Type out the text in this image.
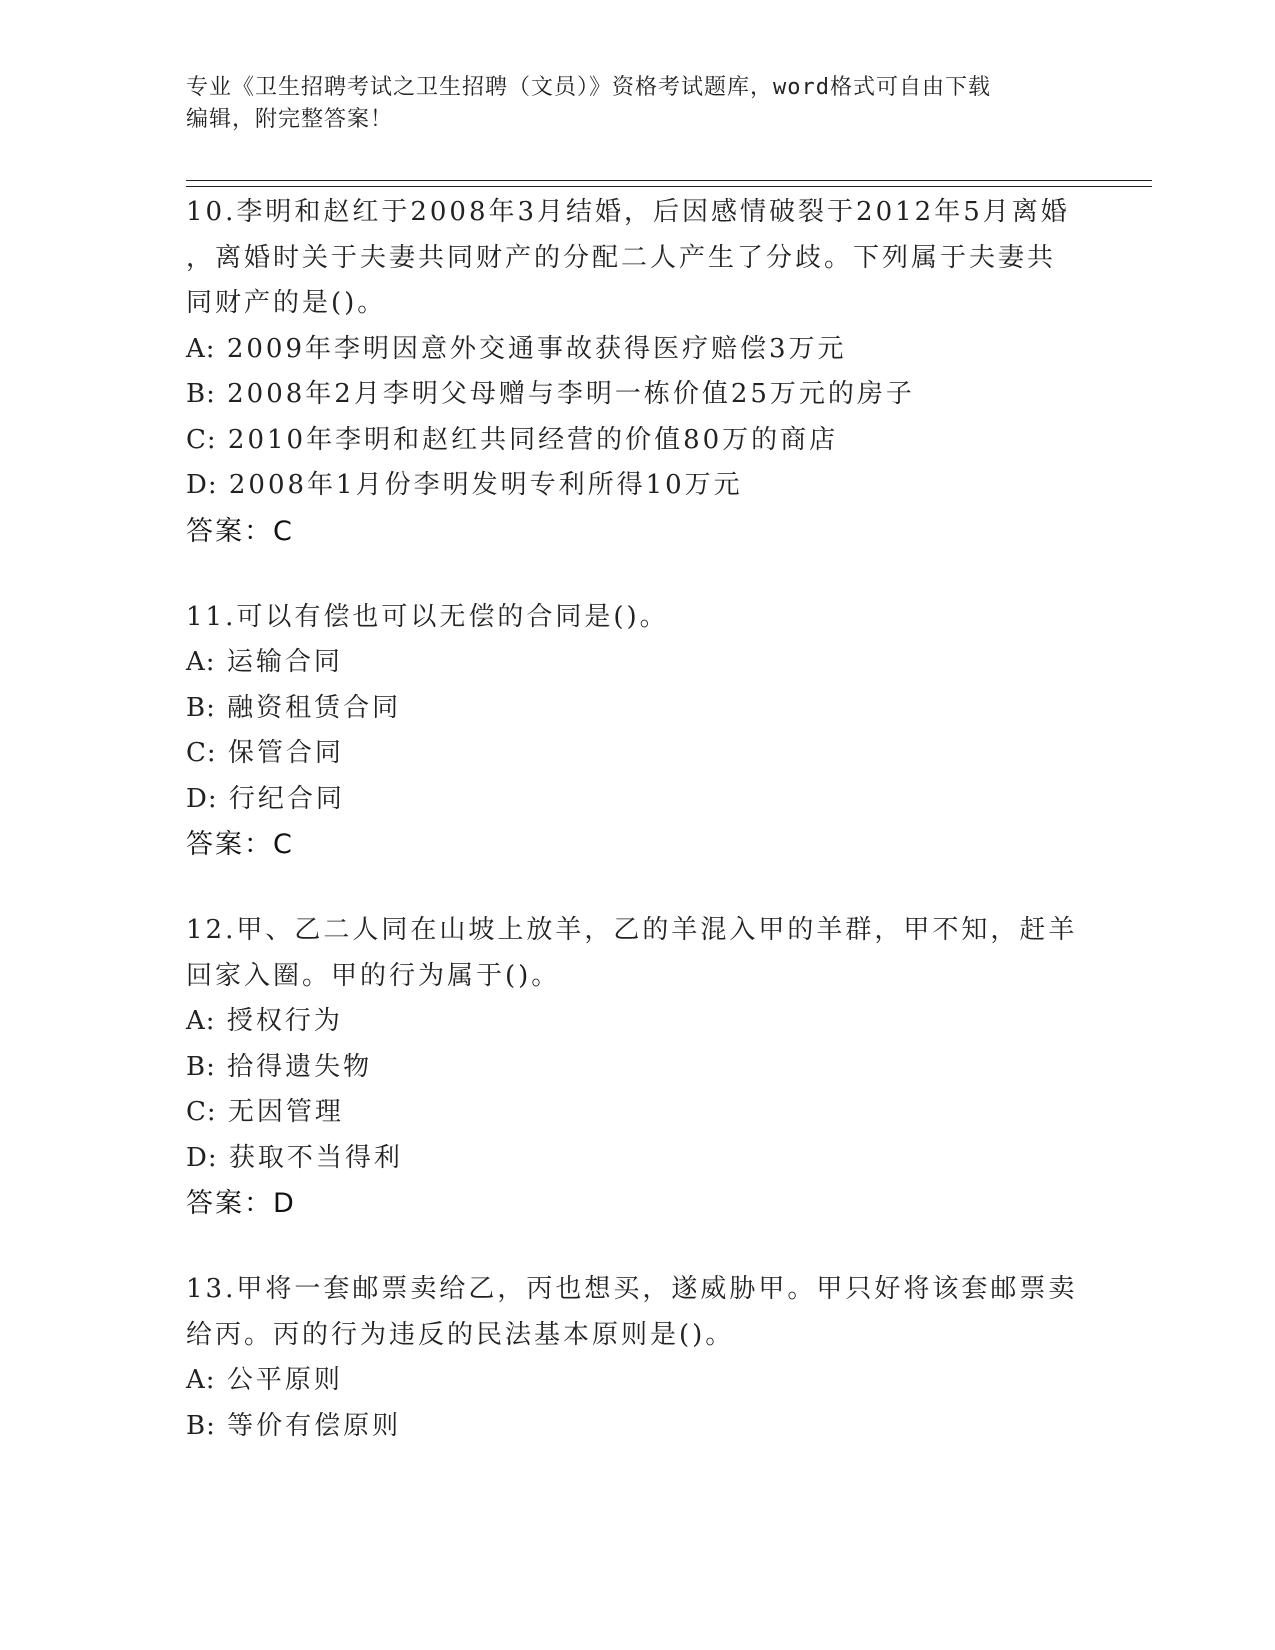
专业《卫生招聘考试之卫生招聘（文员）》资格考试题库，word格式可自由下载
编辑，附完整答案！
10.李明和赵红于2008年3月结婚，后因感情破裂于2012年5月离婚
，离婚时关于夫妻共同财产的分配二人产生了分歧。下列属于夫妻共
同财产的是()。
A: 2009年李明因意外交通事故获得医疗赔偿3万元
B: 2008年2月李明父母赠与李明一栋价值25万元的房子
C: 2010年李明和赵红共同经营的价值80万的商店
D: 2008年1月份李明发明专利所得10万元
答案：C
11.可以有偿也可以无偿的合同是()。
A: 运输合同
B: 融资租赁合同
C: 保管合同
D: 行纪合同
答案：C
12.甲、乙二人同在山坡上放羊，乙的羊混入甲的羊群，甲不知，赶羊
回家入圈。甲的行为属于()。
A: 授权行为
B: 拾得遗失物
C: 无因管理
D: 获取不当得利
答案：D
13.甲将一套邮票卖给乙，丙也想买，遂威胁甲。甲只好将该套邮票卖
给丙。丙的行为违反的民法基本原则是()。
A: 公平原则
B: 等价有偿原则
